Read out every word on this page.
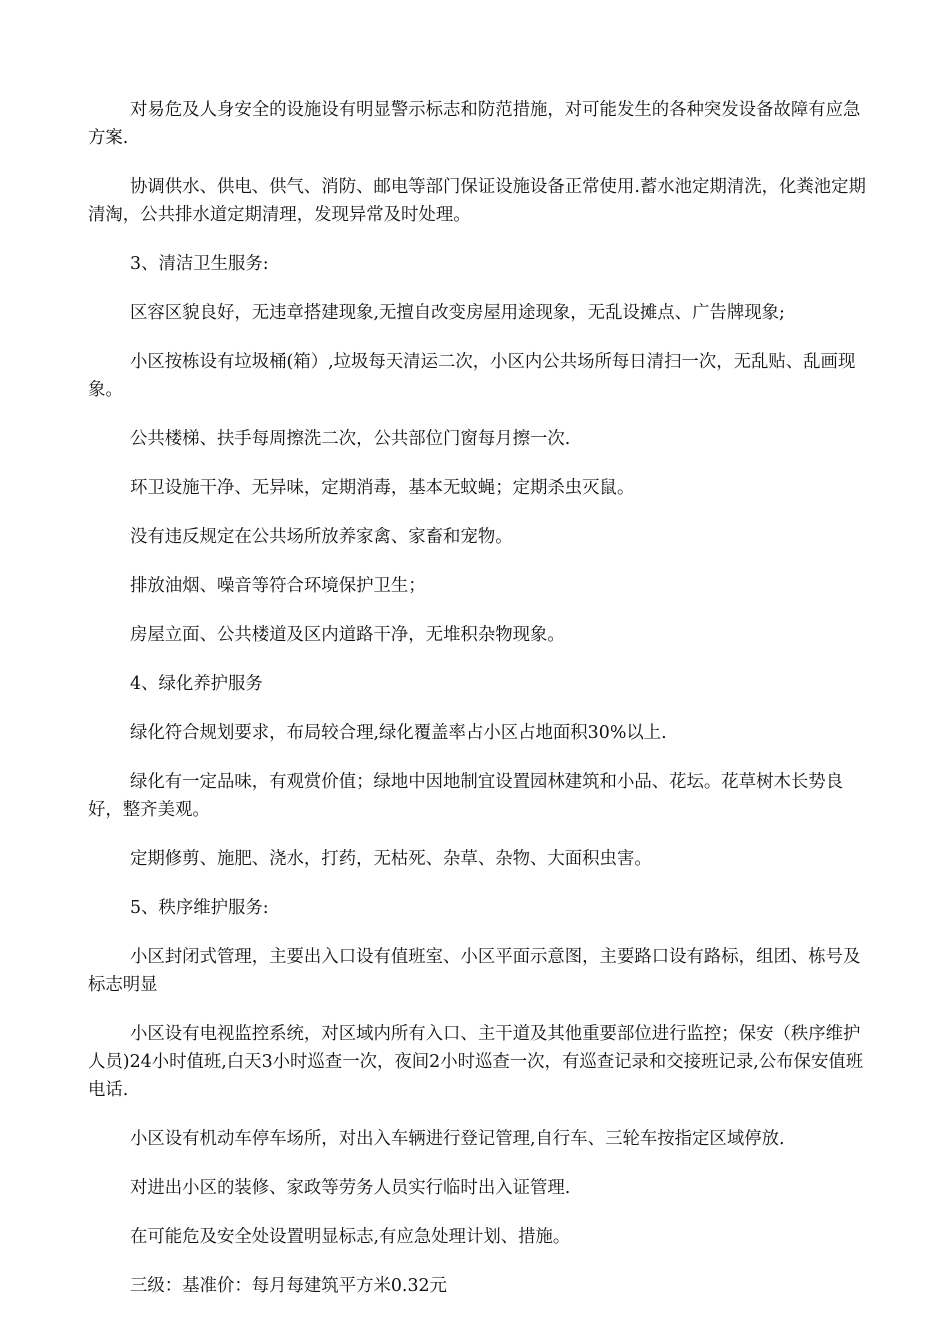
对易危及人身安全的设施设有明显警示标志和防范措施，对可能发生的各种突发设备故障有应急方案.

协调供水、供电、供气、消防、邮电等部门保证设施设备正常使用.蓄水池定期清洗，化粪池定期清淘，公共排水道定期清理，发现异常及时处理。

3、清洁卫生服务:

区容区貌良好，无违章搭建现象,无擅自改变房屋用途现象，无乱设摊点、广告牌现象;

小区按栋设有垃圾桶(箱）,垃圾每天清运二次，小区内公共场所每日清扫一次，无乱贴、乱画现象。

公共楼梯、扶手每周擦洗二次，公共部位门窗每月擦一次.

环卫设施干净、无异味，定期消毒，基本无蚊蝇；定期杀虫灭鼠。

没有违反规定在公共场所放养家禽、家畜和宠物。

排放油烟、噪音等符合环境保护卫生；

房屋立面、公共楼道及区内道路干净，无堆积杂物现象。

4、绿化养护服务

绿化符合规划要求，布局较合理,绿化覆盖率占小区占地面积30%以上.

绿化有一定品味，有观赏价值；绿地中因地制宜设置园林建筑和小品、花坛。花草树木长势良好，整齐美观。

定期修剪、施肥、浇水，打药，无枯死、杂草、杂物、大面积虫害。

5、秩序维护服务:

小区封闭式管理，主要出入口设有值班室、小区平面示意图，主要路口设有路标，组团、栋号及标志明显

小区设有电视监控系统，对区域内所有入口、主干道及其他重要部位进行监控；保安（秩序维护人员)24小时值班,白天3小时巡查一次，夜间2小时巡查一次，有巡查记录和交接班记录,公布保安值班电话.

小区设有机动车停车场所，对出入车辆进行登记管理,自行车、三轮车按指定区域停放.

对进出小区的装修、家政等劳务人员实行临时出入证管理.

在可能危及安全处设置明显标志,有应急处理计划、措施。

三级：基准价：每月每建筑平方米0.32元
